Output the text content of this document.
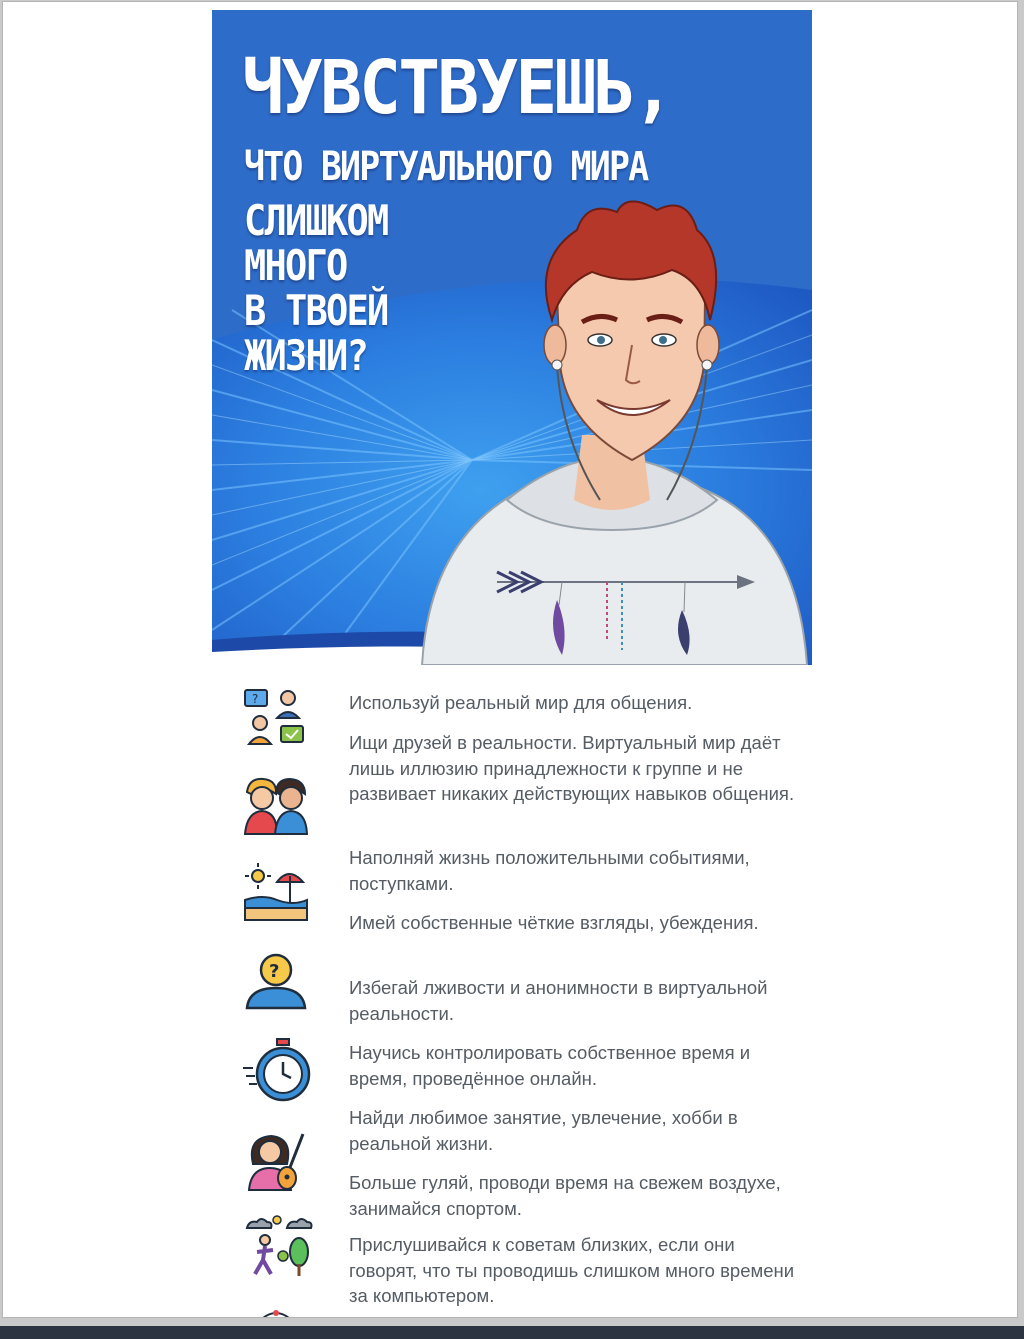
ЧУВСТВУЕШЬ,
ЧТО ВИРТУАЛЬНОГО МИРА
СЛИШКОМ
МНОГО
В ТВОЕЙ
ЖИЗНИ?
?	Используй реальный мир для общения.
Ищи друзей в реальности. Виртуальный мир даёт лишь иллюзию принадлежности к группе и не развивает никаких действующих навыков общения.
Наполняй жизнь положительными событиями, поступками.
Имей собственные чёткие взгляды, убеждения.
?
Избегай лживости и анонимности в виртуальной реальности.
Научись контролировать собственное время и время, проведённое онлайн.
Найди любимое занятие, увлечение, хобби в реальной жизни.
Больше гуляй, проводи время на свежем воздухе, занимайся спортом.
Прислушивайся к советам близких, если они говорят, что ты проводишь слишком много времени за компьютером.
